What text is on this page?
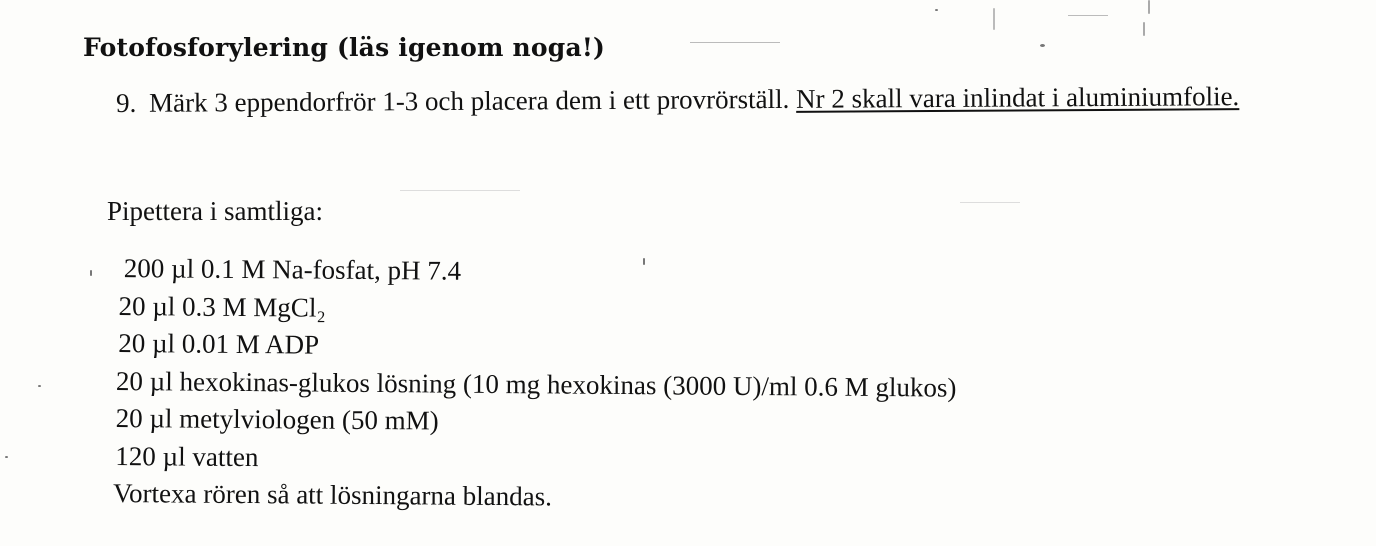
Fotofosforylering (läs igenom noga!)
9. Märk 3 eppendorfrör 1-3 och placera dem i ett provrörställ. Nr 2 skall vara inlindat i aluminiumfolie.
Pipettera i samtliga:
200 µl 0.1 M Na-fosfat, pH 7.4
20 µl 0.3 M MgCl₂
20 µl 0.01 M ADP
20 µl hexokinas-glukos lösning (10 mg hexokinas (3000 U)/ml 0.6 M glukos)
20 µl metylviologen (50 mM)
120 µl vatten
Vortexa rören så att lösningarna blandas.
